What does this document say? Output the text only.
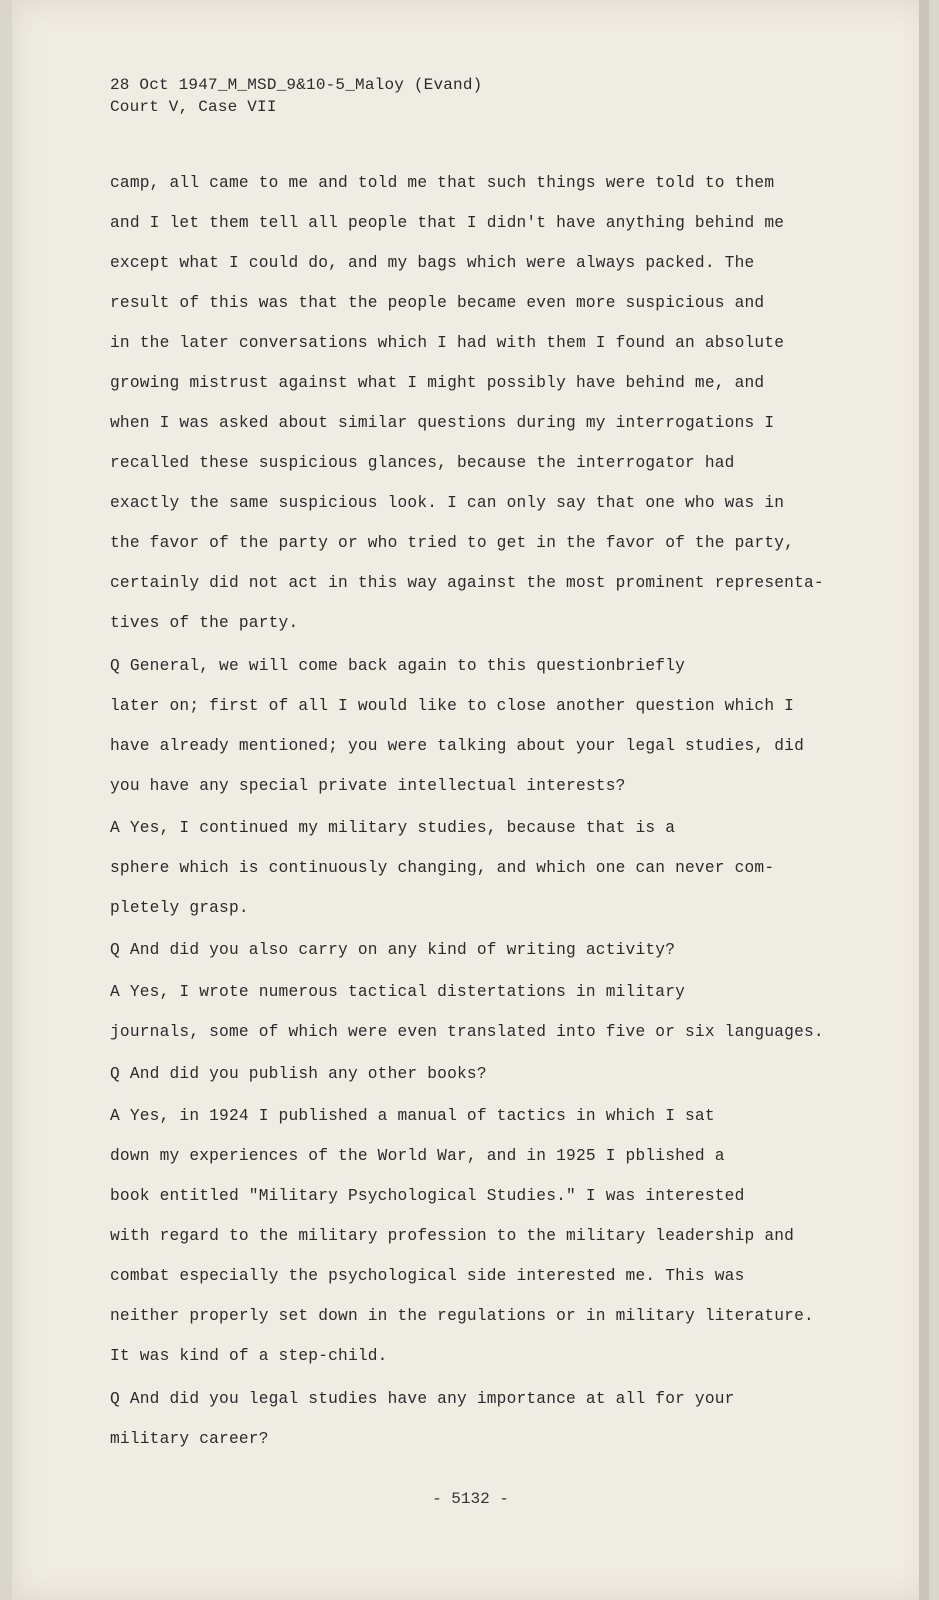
28 Oct 1947_M_MSD_9&10-5_Maloy (Evand)

Court V, Case VII

camp, all came to me and told me that such things were told to them

and I let them tell all people that I didn't have anything behind me

except what I could do, and my bags which were always packed. The

result of this was that the people became even more suspicious and

in the later conversations which I had with them I found an absolute

growing mistrust against what I might possibly have behind me, and

when I was asked about similar questions during my interrogations I

recalled these suspicious glances, because the interrogator had

exactly the same suspicious look. I can only say that one who was in

the favor of the party or who tried to get in the favor of the party,

certainly did not act in this way against the most prominent representa-

tives of the party.

Q General, we will come back again to this questionbriefly

later on; first of all I would like to close another question which I

have already mentioned; you were talking about your legal studies, did

you have any special private intellectual interests?

A Yes, I continued my military studies, because that is a

sphere which is continuously changing, and which one can never com-

pletely grasp.

Q And did you also carry on any kind of writing activity?

A Yes, I wrote numerous tactical distertations in military

journals, some of which were even translated into five or six languages.

Q And did you publish any other books?

A Yes, in 1924 I published a manual of tactics in which I sat

down my experiences of the World War, and in 1925 I pblished a

book entitled "Military Psychological Studies." I was interested

with regard to the military profession to the military leadership and

combat especially the psychological side interested me. This was

neither properly set down in the regulations or in military literature.

It was kind of a step-child.

Q And did you legal studies have any importance at all for your

military career?

- 5132 -
